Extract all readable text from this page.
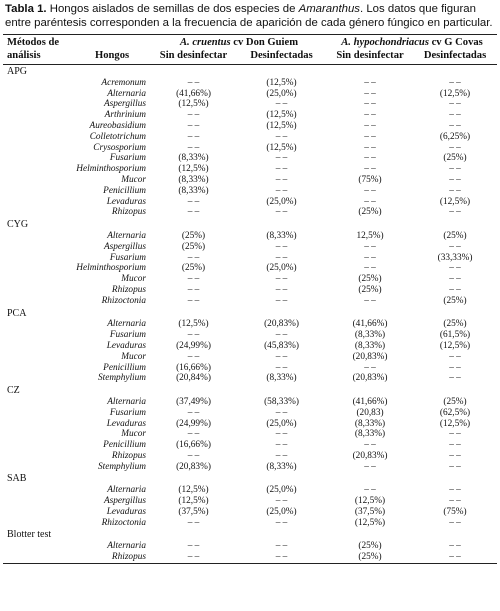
Tabla 1. Hongos aislados de semillas de dos especies de Amaranthus. Los datos que figuran entre paréntesis corresponden a la frecuencia de aparición de cada género fúngico en particular.

Métodos de		A. cruentus cv Don Guiem		A. hypochondriacus cv G Covas	
análisis	Hongos	Sin desinfectar	Desinfectadas	Sin desinfectar	Desinfectadas
APG					
Acremonum		– –	(12,5%)	– –	– –
Alternaria		(41,66%)	(25,0%)	– –	(12,5%)
Aspergillus		(12,5%)	– –	– –	– –
Arthrinium		– –	(12,5%)	– –	– –
Aureobasidium		– –	(12,5%)	– –	– –
Colletotrichum		– –	– –	– –	(6,25%)
Crysosporium		– –	(12,5%)	– –	– –
Fusarium		(8,33%)	– –	– –	(25%)
Helminthosporium		(12,5%)	– –	– –	– –
Mucor		(8,33%)	– –	(75%)	– –
Penicillium		(8,33%)	– –	– –	– –
Levaduras		– –	(25,0%)	– –	(12,5%)
Rhizopus		– –	– –	(25%)	– –
CYG					
Alternaria		(25%)	(8,33%)	12,5%)	(25%)
Aspergillus		(25%)	– –	– –	– –
Fusarium		– –	– –	– –	(33,33%)
Helminthosporium		(25%)	(25,0%)	– –	– –
Mucor		– –	– –	(25%)	– –
Rhizopus		– –	– –	(25%)	– –
Rhizoctonia		– –	– –	– –	(25%)
PCA					
Alternaria		(12,5%)	(20,83%)	(41,66%)	(25%)
Fusarium		– –	– –	(8,33%)	(61,5%)
Levaduras		(24,99%)	(45,83%)	(8,33%)	(12,5%)
Mucor		– –	– –	(20,83%)	– –
Penicillium		(16,66%)	– –	– –	– –
Stemphylium		(20,84%)	(8,33%)	(20,83%)	– –
CZ					
Alternaria		(37,49%)	(58,33%)	(41,66%)	(25%)
Fusarium		– –	– –	(20,83)	(62,5%)
Levaduras		(24,99%)	(25,0%)	(8,33%)	(12,5%)
Mucor		– –	– –	(8,33%)	– –
Penicillium		(16,66%)	– –	– –	– –
Rhizopus		– –	– –	(20,83%)	– –
Stemphylium		(20,83%)	(8,33%)	– –	– –
SAB					
Alternaria		(12,5%)	(25,0%)	– –	– –
Aspergillus		(12,5%)	– –	(12,5%)	– –
Levaduras		(37,5%)	(25,0%)	(37,5%)	(75%)
Rhizoctonia		– –	– –	(12,5%)	– –
Blotter test					
Alternaria		– –	– –	(25%)	– –
Rhizopus		– –	– –	(25%)	– –
